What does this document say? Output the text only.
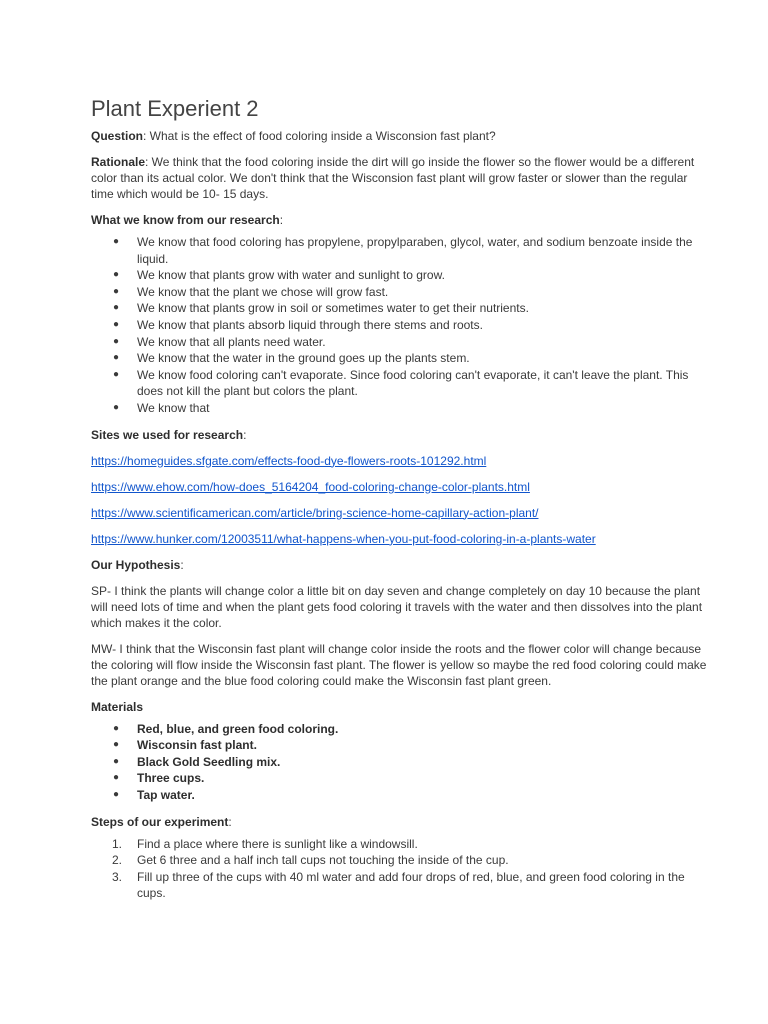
Plant Experient 2

Question: What is the effect of food coloring inside a Wisconsion fast plant?

Rationale: We think that the food coloring inside the dirt will go inside the flower so the flower would be a different color than its actual color. We don't think that the Wisconsion fast plant will grow faster or slower than the regular time which would be 10- 15 days.

What we know from our research:

● We know that food coloring has propylene, propylparaben, glycol, water, and sodium benzoate inside the liquid.
● We know that plants grow with water and sunlight to grow.
● We know that the plant we chose will grow fast.
● We know that plants grow in soil or sometimes water to get their nutrients.
● We know that plants absorb liquid through there stems and roots.
● We know that all plants need water.
● We know that the water in the ground goes up the plants stem.
● We know food coloring can't evaporate. Since food coloring can't evaporate, it can't leave the plant. This does not kill the plant but colors the plant.
● We know that

Sites we used for research:

https://homeguides.sfgate.com/effects-food-dye-flowers-roots-101292.html

https://www.ehow.com/how-does_5164204_food-coloring-change-color-plants.html

https://www.scientificamerican.com/article/bring-science-home-capillary-action-plant/

https://www.hunker.com/12003511/what-happens-when-you-put-food-coloring-in-a-plants-water

Our Hypothesis:

SP- I think the plants will change color a little bit on day seven and change completely on day 10 because the plant will need lots of time and when the plant gets food coloring it travels with the water and then dissolves into the plant which makes it the color.

MW- I think that the Wisconsin fast plant will change color inside the roots and the flower color will change because the coloring will flow inside the Wisconsin fast plant. The flower is yellow so maybe the red food coloring could make the plant orange and the blue food coloring could make the Wisconsin fast plant green.

Materials

● Red, blue, and green food coloring.
● Wisconsin fast plant.
● Black Gold Seedling mix.
● Three cups.
● Tap water.

Steps of our experiment:

1. Find a place where there is sunlight like a windowsill.
2. Get 6 three and a half inch tall cups not touching the inside of the cup.
3. Fill up three of the cups with 40 ml water and add four drops of red, blue, and green food coloring in the cups.
